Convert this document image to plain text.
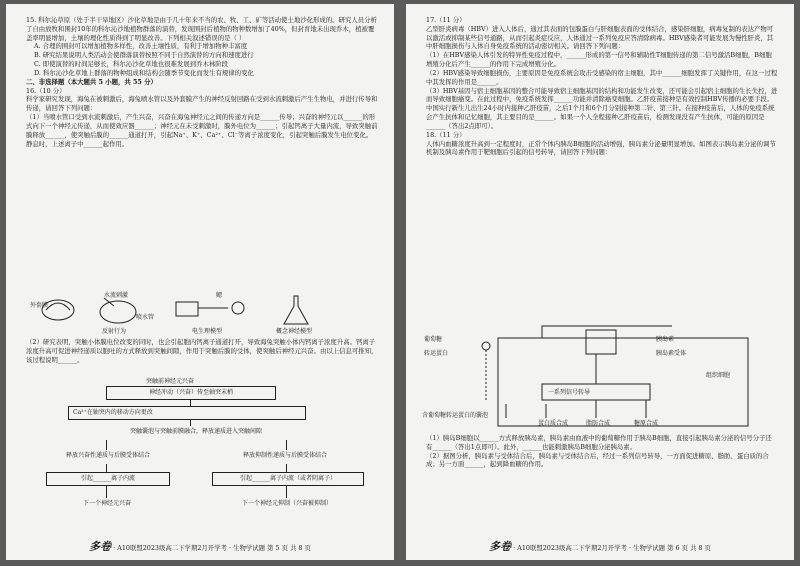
15. 科尔沁草原（处于半干旱地区）沙化草地是由于几十年来不当的农、牧、工、矿等活动使土地沙化形成的。研究人员分析了自由放牧和围封10年的科尔沁沙地植物群落的演替，发现围封后植物的物种数增加了40%，但封育地未出现乔木，植被覆盖率明显增加，土壤的理化性质得到了明显改善。下列相关叙述错误的是（ ）

A. 合理的围封可以增加植物多样性，改善土壤性质，有利于增加物种丰富度

B. 研究结果说明人类活动会使群落演替按照不同于自然演替的方向和速度进行

C. 即使演替的时间足够长，科尔沁沙化草地也很难发展到乔木林阶段

D. 科尔沁沙化草地上群落的物种组成和结构会随季节变化而发生有规律的变化

二、非选择题（本大题共 5 小题，共 55 分）

16.（10 分）

科学家研究发现，海兔在被刺激后，海兔喷水管以及外套膜产生的神经反射回路在受到水流刺激后产生生物电，并进行传导和传递，请回答下列问题：

（1）当喷水管口受到水流刺激后，产生兴奋，兴奋在海兔神经元之间的传递方向是______传导；兴奋的神经元以______的形式向下一个神经元传递，从而使效应器______；神经元在未受刺激时，膜外电位为______；引起钙离子大量内流，导致突触前膜释放______，使突触后膜的______通道打开，引起Na⁺、K⁺、Ca²⁺、Cl⁻等离子浓度变化，引起突触后膜发生电位变化。静息时，上述离子中______起作用。

外套膜
水流刺激
喷水管
鳃
电生理模型	概念神经模型
反射行为

（2）研究表明，突触小体膜电位改变的同时，也会引起胞内钙离子通道打开，导致海兔突触小体内钙离子浓度升高。钙离子浓度升高可促进神经递质以胞吐的方式释放到突触间隙，作用于突触后膜的受体，使突触后神经元兴奋。由以上信息可推知，该过程说明______。

突触前神经元兴奋
神经冲动（兴奋）传至轴突末梢
Ca²⁺在轴突内的移动方向更改
突触囊泡与突触前膜融合，释放递质进入突触间隙
释放兴奋性递质与后膜受体结合	释放抑制性递质与后膜受体结合
引起______离子内流	引起______离子内流（或者阴离子）
下一个神经元兴奋	下一个神经元抑制（兴奋被抑制）
多卷 · A10联盟2023级高二下学期2月开学考 · 生物学试题 第 5 页 共 8 页

17.（11 分）

乙型肝炎病毒（HBV）进入人体后，通过其表面的包膜蛋白与肝细胞表面的受体结合，感染肝细胞，病毒复制的表达产物可以激活或抑制某些信号通路，从而引起炎症反应，人体通过一系列免疫应答清除病毒。HBV感染者可能发展为慢性肝炎，其中肝细胞损伤与人体自身免疫系统的活动密切相关。请回答下列问题：

（1）在HBV感染人体引发的特异性免疫过程中，______形成的第一信号和辅助性T细胞传递的第二信号激活B细胞，B细胞增殖分化后产生______的作用下完成增殖分化。

（2）HBV感染导致细胞损伤，主要原因是免疫系统会攻击受感染的宿主细胞，其中______细胞发挥了关键作用，在这一过程中其发挥的作用是______。

（3）HBV基因与宿主细胞基因的整合可能导致宿主细胞基因的结构和功能发生改变，还可能会引起宿主细胞的生长失控，进而导致细胞癌变。在此过程中，免疫系统发挥______功能并清除癌变细胞。乙肝疫苗接种是有效控制HBV传播的必要手段。中国实行新生儿出生24小时内接种乙肝疫苗，之后1个月和6个月分别接种第二针、第三针。在接种疫苗后，人体的免疫系统会产生抗体和记忆细胞，其主要目的是______。如果一个人全程接种乙肝疫苗后，检测发现没有产生抗体，可能的原因是______（答出2点即可）。

18.（11 分）

人体内血糖浓度升高到一定程度时，正常个体内胰岛B细胞的活动增强，胰岛素分泌量明显增加。如图表示胰岛素分泌的调节机制及胰岛素作用于靶细胞后引起的信号转导，请回答下列问题：

葡萄糖
转运蛋白
胰岛素
胰岛素受体
一系列信号转导
组织细胞
含葡萄糖转运蛋白的囊泡
蛋白质合成	脂肪合成	糖原合成

（1）胰岛B细胞以______方式释放胰岛素，胰岛素由血液中的葡萄糖作用于胰岛B细胞，直接引起胰岛素分泌的信号分子还有______（答出1点即可）。此外，______也能刺激胰岛B细胞分泌胰岛素。

（2）据图分析，胰岛素与受体结合后，胰岛素与受体结合后，经过一系列信号转导，一方面促进糖原、脂肪、蛋白质的合成；另一方面______，起到降血糖的作用。

多卷 · A10联盟2023级高二下学期2月开学考 · 生物学试题 第 6 页 共 8 页
